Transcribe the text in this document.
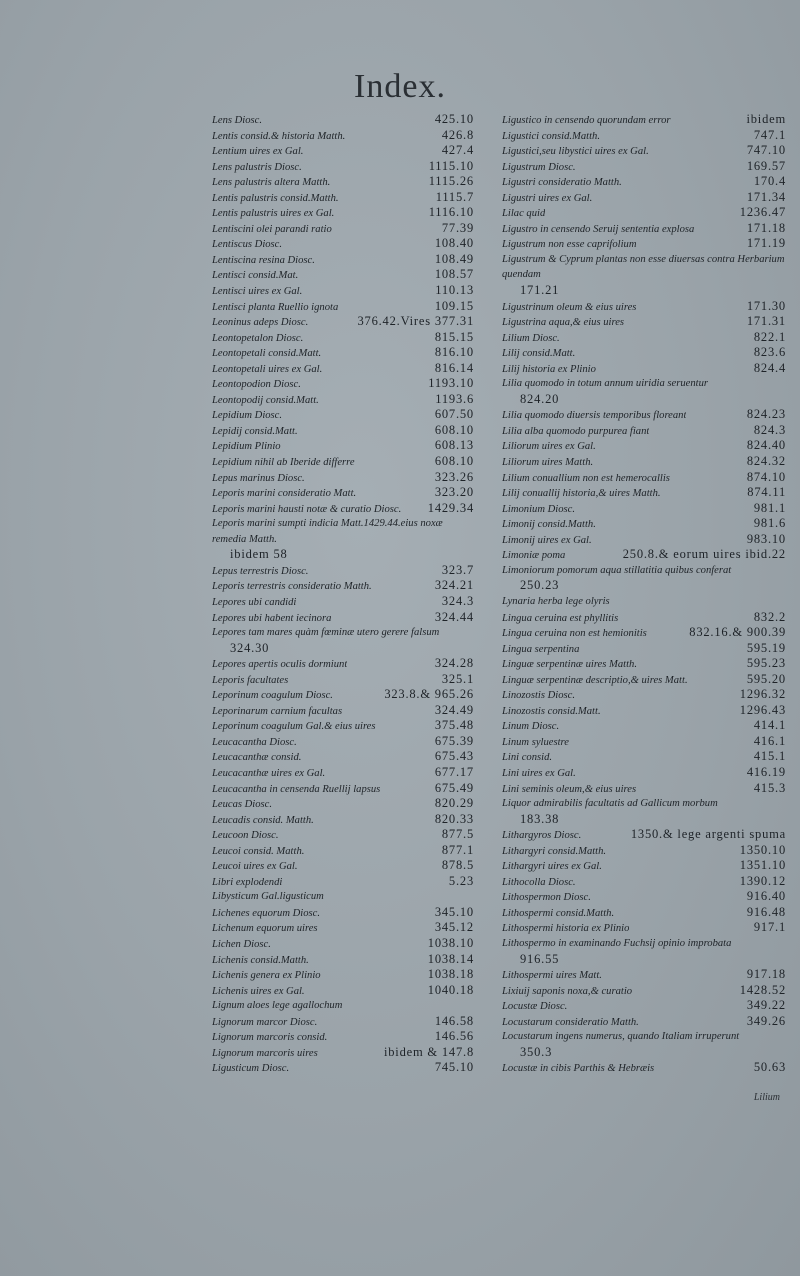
Index.
Lens Diosc.	425.10
Lentis consid.& historia Matth.	426.8
Lentium uires ex Gal.	427.4
Lens palustris Diosc.	1115.10
Lens palustris altera Matth.	1115.26
Lentis palustris consid.Matth.	1115.7
Lentis palustris uires ex Gal.	1116.10
Lentiscini olei parandi ratio	77.39
Lentiscus Diosc.	108.40
Lentiscina resina Diosc.	108.49
Lentisci consid.Mat.	108.57
Lentisci uires ex Gal.	110.13
Lentisci planta Ruellio ignota	109.15
Leoninus adeps Diosc.	376.42.Vires 377.31
Leontopetalon Diosc.	815.15
Leontopetali consid.Matt.	816.10
Leontopetali uires ex Gal.	816.14
Leontopodion Diosc.	1193.10
Leontopodij consid.Matt.	1193.6
Lepidium Diosc.	607.50
Lepidij consid.Matt.	608.10
Lepidium Plinio	608.13
Lepidium nihil ab Iberide differre	608.10
Lepus marinus Diosc.	323.26
Leporis marini consideratio Matt.	323.20
Leporis marini hausti notæ & curatio Diosc.	1429.34
Leporis marini sumpti indicia Matt.1429.44.eius noxæ remedia Matth.
ibidem 58
Lepus terrestris Diosc.	323.7
Leporis terrestris consideratio Matth.	324.21
Lepores ubi candidi	324.3
Lepores ubi habent iecinora	324.44
Lepores tam mares quàm fœminæ utero gerere falsum
324.30
Lepores apertis oculis dormiunt	324.28
Leporis facultates	325.1
Leporinum coagulum Diosc.	323.8.& 965.26
Leporinarum carnium facultas	324.49
Leporinum coagulum Gal.& eius uires	375.48
Leucacantha Diosc.	675.39
Leucacanthæ consid.	675.43
Leucacanthæ uires ex Gal.	677.17
Leucacantha in censenda Ruellij lapsus	675.49
Leucas Diosc.	820.29
Leucadis consid. Matth.	820.33
Leucoon Diosc.	877.5
Leucoi consid. Matth.	877.1
Leucoi uires ex Gal.	878.5
Libri explodendi	5.23
Libysticum Gal.ligusticum
Lichenes equorum Diosc.	345.10
Lichenum equorum uires	345.12
Lichen Diosc.	1038.10
Lichenis consid.Matth.	1038.14
Lichenis genera ex Plinio	1038.18
Lichenis uires ex Gal.	1040.18
Lignum aloes lege agallochum
Lignorum marcor Diosc.	146.58
Lignorum marcoris consid.	146.56
Lignorum marcoris uires	ibidem & 147.8
Ligusticum Diosc.	745.10
Ligustico in censendo quorundam error	ibidem
Ligustici consid.Matth.	747.1
Ligustici,seu libystici uires ex Gal.	747.10
Ligustrum Diosc.	169.57
Ligustri consideratio Matth.	170.4
Ligustri uires ex Gal.	171.34
Lilac quid	1236.47
Ligustro in censendo Seruij sententia explosa	171.18
Ligustrum non esse caprifolium	171.19
Ligustrum & Cyprum plantas non esse diuersas contra Herbarium quendam
171.21
Ligustrinum oleum & eius uires	171.30
Ligustrina aqua,& eius uires	171.31
Lilium Diosc.	822.1
Lilij consid.Matt.	823.6
Lilij historia ex Plinio	824.4
Lilia quomodo in totum annum uiridia seruentur
824.20
Lilia quomodo diuersis temporibus floreant	824.23
Lilia alba quomodo purpurea fiant	824.3
Liliorum uires ex Gal.	824.40
Liliorum uires Matth.	824.32
Lilium conuallium non est hemerocallis	874.10
Lilij conuallij historia,& uires Matth.	874.11
Limonium Diosc.	981.1
Limonij consid.Matth.	981.6
Limonij uires ex Gal.	983.10
Limoniæ poma	250.8.& eorum uires ibid.22
Limoniorum pomorum aqua stillatitia quibus conferat
250.23
Lynaria herba lege olyris
Lingua ceruina est phyllitis	832.2
Lingua ceruina non est hemionitis	832.16.& 900.39
Lingua serpentina	595.19
Linguæ serpentinæ uires Matth.	595.23
Linguæ serpentinæ descriptio,& uires Matt.	595.20
Linozostis Diosc.	1296.32
Linozostis consid.Matt.	1296.43
Linum Diosc.	414.1
Linum syluestre	416.1
Lini consid.	415.1
Lini uires ex Gal.	416.19
Lini seminis oleum,& eius uires	415.3
Liquor admirabilis facultatis ad Gallicum morbum
183.38
Lithargyros Diosc.	1350.& lege argenti spuma
Lithargyri consid.Matth.	1350.10
Lithargyri uires ex Gal.	1351.10
Lithocolla Diosc.	1390.12
Lithospermon Diosc.	916.40
Lithospermi consid.Matth.	916.48
Lithospermi historia ex Plinio	917.1
Lithospermo in examinando Fuchsij opinio improbata
916.55
Lithospermi uires Matt.	917.18
Lixiuij saponis noxa,& curatio	1428.52
Locustæ Diosc.	349.22
Locustarum consideratio Matth.	349.26
Locustarum ingens numerus, quando Italiam irruperunt
350.3
Locustæ in cibis Parthis & Hebræis	50.63
Lilium
